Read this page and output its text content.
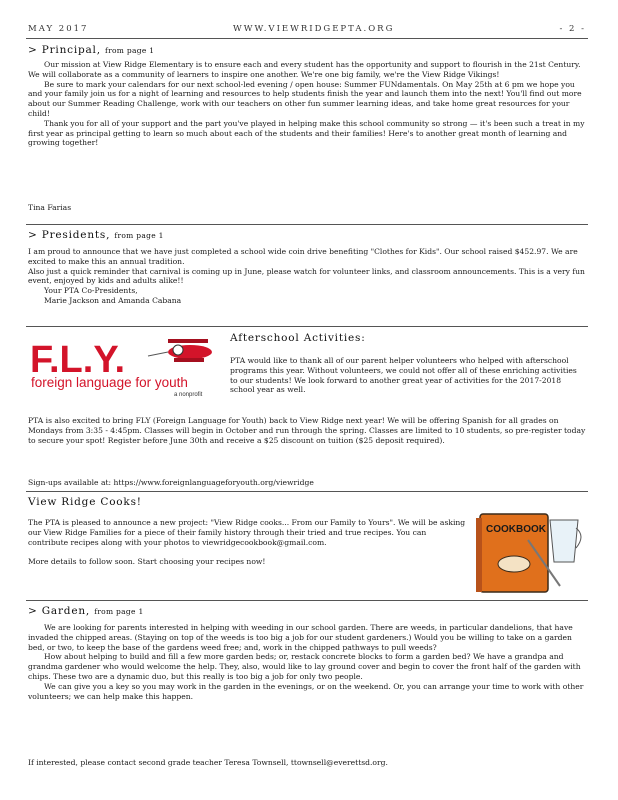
MAY 2017	WWW.VIEWRIDGEPTA.ORG	- 2 -
> Principal, from page 1

Our mission at View Ridge Elementary is to ensure each and every student has the opportunity and support to flourish in the 21st Century. We will collaborate as a community of learners to inspire one another. We're one big family, we're the View Ridge Vikings!

Be sure to mark your calendars for our next school-led evening / open house: Summer FUNdamentals. On May 25th at 6 pm we hope you and your family join us for a night of learning and resources to help students finish the year and launch them into the next! You'll find out more about our Summer Reading Challenge, work with our teachers on other fun summer learning ideas, and take home great resources for your child!

Thank you for all of your support and the part you've played in helping make this school community so strong — it's been such a treat in my first year as principal getting to learn so much about each of the students and their families! Here's to another great month of learning and growing together!

Tina Farias
> Presidents, from page 1

I am proud to announce that we have just completed a school wide coin drive benefiting "Clothes for Kids". Our school raised $452.97. We are excited to make this an annual tradition.

Also just a quick reminder that carnival is coming up in June, please watch for volunteer links, and classroom announcements. This is a very fun event, enjoyed by kids and adults alike!!

Your PTA Co-Presidents,

Marie Jackson and Amanda Cabana

F.L.Y.
foreign language for youth
a nonprofit
Afterschool Activities:
PTA would like to thank all of our parent helper volunteers who helped with afterschool programs this year. Without volunteers, we could not offer all of these enriching activities to our students! We look forward to another great year of activities for the 2017-2018 school year as well.
PTA is also excited to bring FLY (Foreign Language for Youth) back to View Ridge next year! We will be offering Spanish for all grades on Mondays from 3:35 - 4:45pm. Classes will begin in October and run through the spring. Classes are limited to 10 students, so pre-register today to secure your spot! Register before June 30th and receive a $25 discount on tuition ($25 deposit required).
Sign-ups available at: https://www.foreignlanguageforyouth.org/viewridge
View Ridge Cooks!

The PTA is pleased to announce a new project: "View Ridge cooks... From our Family to Yours". We will be asking our View Ridge Families for a piece of their family history through their tried and true recipes. You can contribute recipes along with your photos to viewridgecookbook@gmail.com.

More details to follow soon. Start choosing your recipes now!

COOKBOOK
> Garden, from page 1

We are looking for parents interested in helping with weeding in our school garden. There are weeds, in particular dandelions, that have invaded the chipped areas. (Staying on top of the weeds is too big a job for our student gardeners.) Would you be willing to take on a garden bed, or two, to keep the base of the gardens weed free; and, work in the chipped pathways to pull weeds?

How about helping to build and fill a few more garden beds; or, restack concrete blocks to form a garden bed? We have a grandpa and grandma gardener who would welcome the help. They, also, would like to lay ground cover and begin to cover the front half of the garden with chips. These two are a dynamic duo, but this really is too big a job for only two people.

We can give you a key so you may work in the garden in the evenings, or on the weekend. Or, you can arrange your time to work with other volunteers; we can help make this happen.

If interested, please contact second grade teacher Teresa Townsell, ttownsell@everettsd.org.
